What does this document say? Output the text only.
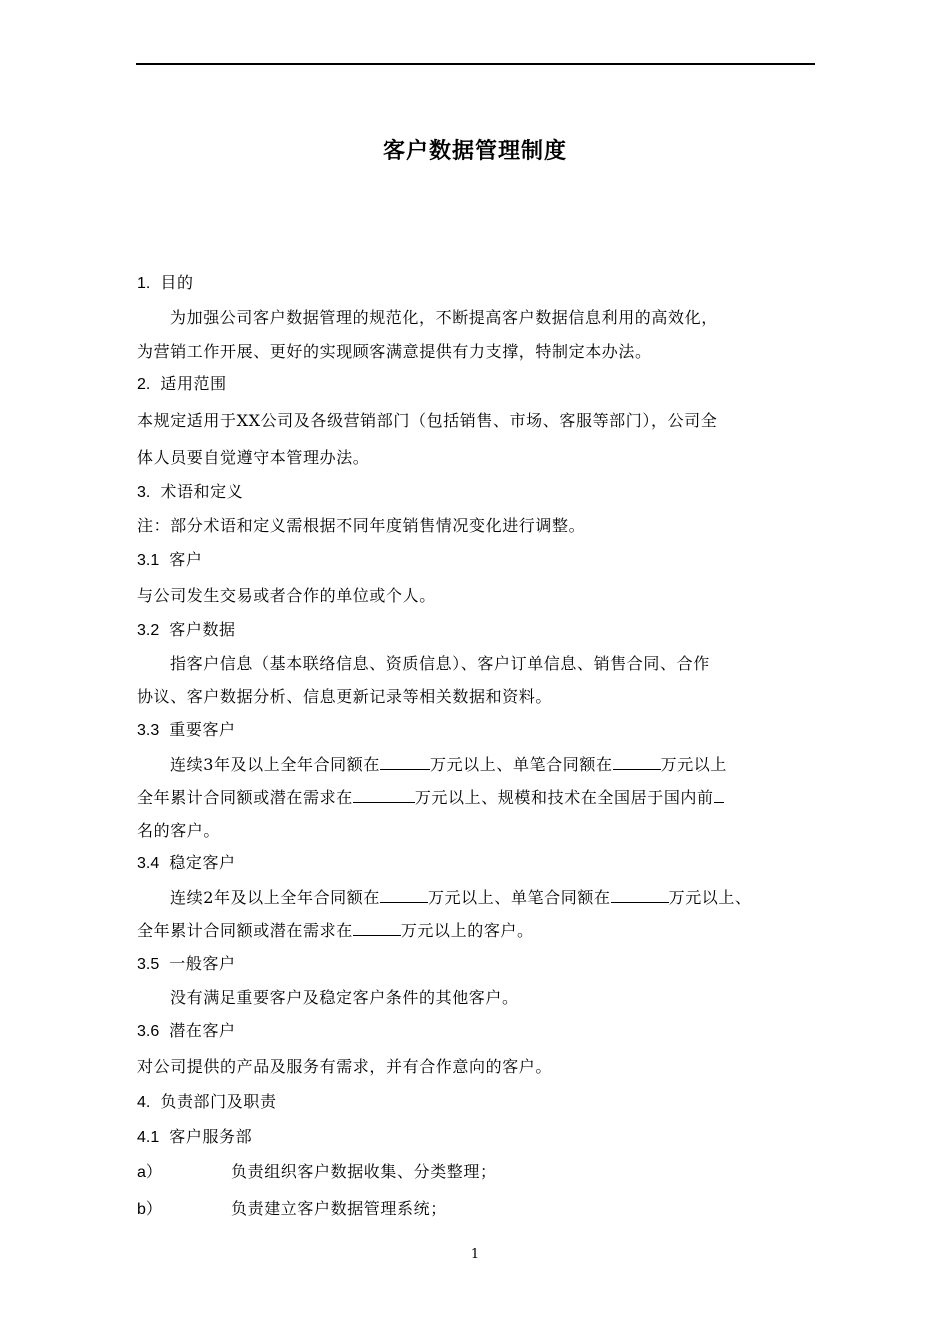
客户数据管理制度
1. 目的
为加强公司客户数据管理的规范化，不断提高客户数据信息利用的高效化，
为营销工作开展、更好的实现顾客满意提供有力支撑，特制定本办法。
2. 适用范围
本规定适用于XX公司及各级营销部门（包括销售、市场、客服等部门），公司全
体人员要自觉遵守本管理办法。
3. 术语和定义
注：部分术语和定义需根据不同年度销售情况变化进行调整。
3.1 客户
与公司发生交易或者合作的单位或个人。
3.2 客户数据
指客户信息（基本联络信息、资质信息）、客户订单信息、销售合同、合作
协议、客户数据分析、信息更新记录等相关数据和资料。
3.3 重要客户
连续3年及以上全年合同额在	万元以上、单笔合同额在	万元以上
全年累计合同额或潜在需求在	万元以上、规模和技术在全国居于国内前
名的客户。
3.4 稳定客户
连续2年及以上全年合同额在	万元以上、单笔合同额在	万元以上、
全年累计合同额或潜在需求在	万元以上的客户。
3.5 一般客户
没有满足重要客户及稳定客户条件的其他客户。
3.6 潜在客户
对公司提供的产品及服务有需求，并有合作意向的客户。
4. 负责部门及职责
4.1 客户服务部
a）	负责组织客户数据收集、分类整理；
b）	负责建立客户数据管理系统；
1
